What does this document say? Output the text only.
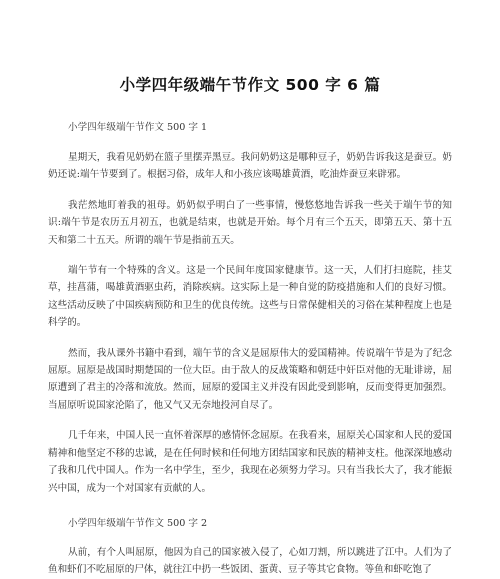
小学四年级端午节作文 500 字 6 篇

小学四年级端午节作文 500 字 1

星期天，我看见奶奶在篮子里摆弄黑豆。我问奶奶这是哪种豆子，奶奶告诉我这是蚕豆。奶奶还说:端午节要到了。根据习俗，成年人和小孩应该喝雄黄酒，吃油炸蚕豆来辟邪。

我茫然地盯着我的祖母。奶奶似乎明白了一些事情，慢悠悠地告诉我一些关于端午节的知识:端午节是农历五月初五，也就是结束，也就是开始。每个月有三个五天，即第五天、第十五天和第二十五天。所谓的端午节是指前五天。

端午节有一个特殊的含义。这是一个民间年度国家健康节。这一天，人们打扫庭院，挂艾草，挂菖蒲，喝雄黄酒驱虫药，消除疾病。这实际上是一种自觉的防疫措施和人们的良好习惯。这些活动反映了中国疾病预防和卫生的优良传统。这些与日常保健相关的习俗在某种程度上也是科学的。

然而，我从课外书籍中看到，端午节的含义是屈原伟大的爱国精神。传说端午节是为了纪念屈原。屈原是战国时期楚国的一位大臣。由于敌人的反战策略和朝廷中奸臣对他的无耻诽谤，屈原遭到了君主的冷落和流放。然而，屈原的爱国主义并没有因此受到影响，反而变得更加强烈。当屈原听说国家沦陷了，他又气又无奈地投河自尽了。

几千年来，中国人民一直怀着深厚的感情怀念屈原。在我看来，屈原关心国家和人民的爱国精神和他坚定不移的忠诚，是在任何时候和任何地方团结国家和民族的精神支柱。他深深地感动了我和几代中国人。作为一名中学生，至少，我现在必须努力学习。只有当我长大了，我才能振兴中国，成为一个对国家有贡献的人。

小学四年级端午节作文 500 字 2

从前，有个人叫屈原，他因为自己的国家被入侵了，心如刀割，所以跳进了江中。人们为了鱼和虾们不吃屈原的尸体，就往江中扔一些饭团、蛋黄、豆子等其它食物。等鱼和虾吃饱了
